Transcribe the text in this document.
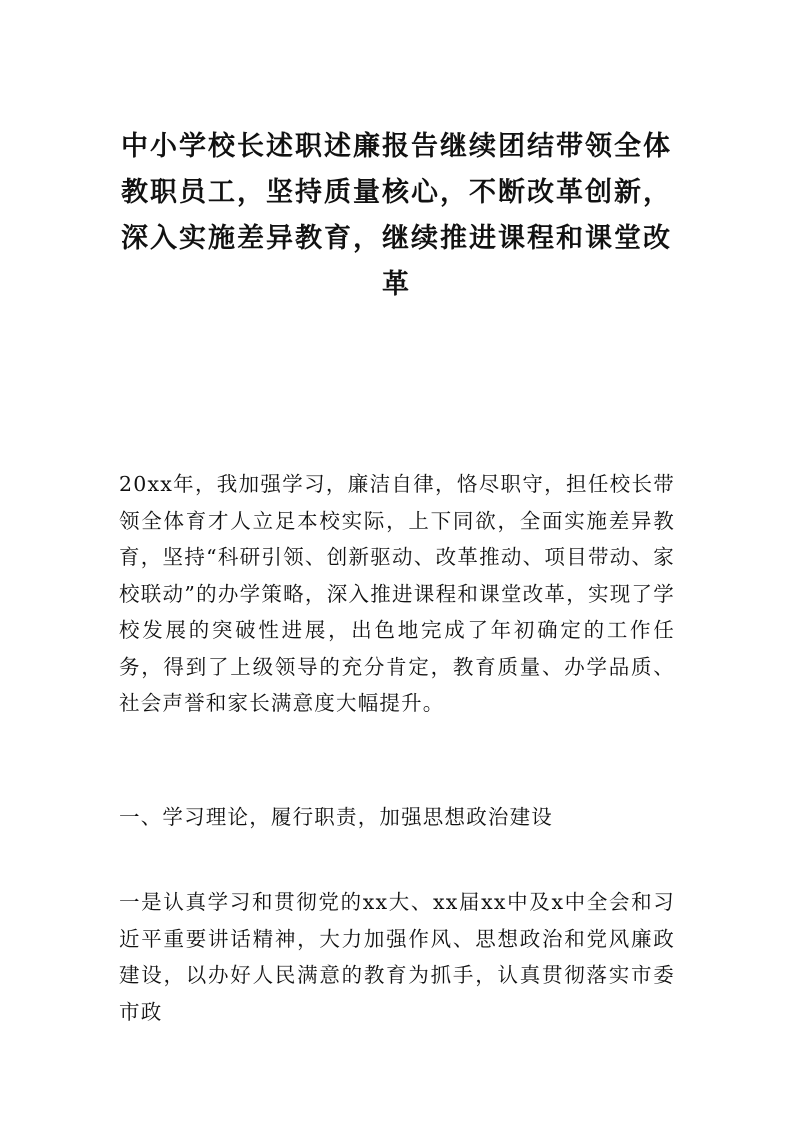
中小学校长述职述廉报告继续团结带领全体教职员工，坚持质量核心，不断改革创新，深入实施差异教育，继续推进课程和课堂改革

20xx年，我加强学习，廉洁自律，恪尽职守，担任校长带领全体育才人立足本校实际，上下同欲，全面实施差异教育，坚持“科研引领、创新驱动、改革推动、项目带动、家校联动”的办学策略，深入推进课程和课堂改革，实现了学校发展的突破性进展，出色地完成了年初确定的工作任务，得到了上级领导的充分肯定，教育质量、办学品质、社会声誉和家长满意度大幅提升。

一、学习理论，履行职责，加强思想政治建设

一是认真学习和贯彻党的xx大、xx届xx中及x中全会和习近平重要讲话精神，大力加强作风、思想政治和党风廉政建设，以办好人民满意的教育为抓手，认真贯彻落实市委市政
